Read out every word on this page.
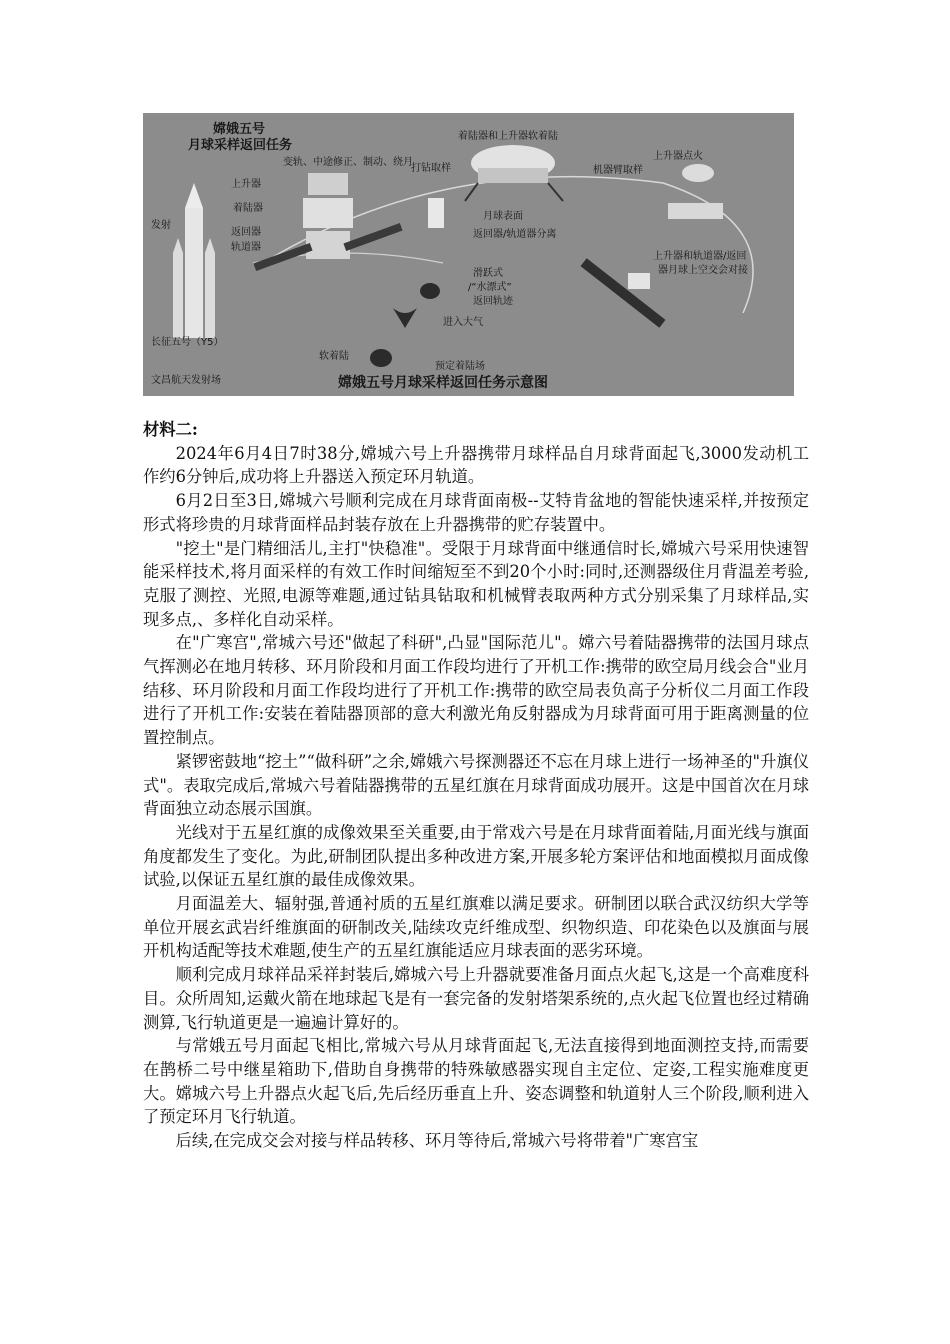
嫦娥五号
月球采样返回任务
发射
长征五号（Y5）
文昌航天发射场
上升器
着陆器
返回器
轨道器
变轨、中途修正、制动、绕月
打钻取样
着陆器和上升器软着陆
机器臂取样
上升器点火
月球表面
返回器/轨道器分离
滑跃式
/“水漂式”
返回轨迹
进入大气
上升器和轨道器/返回
器月球上空交会对接
软着陆
预定着陆场
嫦娥五号月球采样返回任务示意图
材料二:

2024年6月4日7时38分,嫦城六号上升器携带月球样品自月球背面起飞,3000发动机工作约6分钟后,成功将上升器送入预定环月轨道。

6月2日至3日,嫦城六号顺利完成在月球背面南极--艾特肯盆地的智能快速采样,并按预定形式将珍贵的月球背面样品封装存放在上升器携带的贮存装置中。

"挖土"是门精细活儿,主打"快稳准"。受限于月球背面中继通信时长,嫦城六号采用快速智能采样技术,将月面采样的有效工作时间缩短至不到20个小时:同时,还测器级住月背温差考验,克服了测控、光照,电源等难题,通过钻具钻取和机械臂表取两种方式分别采集了月球样品,实现多点,、多样化自动采样。

在"广寒宫",常城六号还"做起了科研",凸显"国际范儿"。嫦六号着陆器携带的法国月球点气挥测必在地月转移、环月阶段和月面工作段均进行了开机工作:携带的欧空局月线会合"业月结移、环月阶段和月面工作段均进行了开机工作:携带的欧空局表负高子分析仪二月面工作段进行了开机工作:安装在着陆器顶部的意大利激光角反射器成为月球背面可用于距离测量的位置控制点。

紧锣密鼓地“挖土”“做科研”之余,嫦娥六号探测器还不忘在月球上进行一场神圣的"升旗仪式"。表取完成后,常城六号着陆器携带的五星红旗在月球背面成功展开。这是中国首次在月球背面独立动态展示国旗。

光线对于五星红旗的成像效果至关重要,由于常戏六号是在月球背面着陆,月面光线与旗面角度都发生了变化。为此,研制团队提出多种改进方案,开展多轮方案评估和地面模拟月面成像试验,以保证五星红旗的最佳成像效果。

月面温差大、辐射强,普通衬质的五星红旗难以满足要求。研制团以联合武汉纺织大学等单位开展玄武岩纤维旗面的研制改关,陆续攻克纤维成型、织物织造、印花染色以及旗面与展开机构适配等技术难题,使生产的五星红旗能适应月球表面的恶劣环境。

顺利完成月球祥品采祥封装后,嫦城六号上升器就要准备月面点火起飞,这是一个高难度科目。众所周知,运戴火箭在地球起飞是有一套完备的发射塔架系统的,点火起飞位置也经过精确测算,飞行轨道更是一遍遍计算好的。

与常娥五号月面起飞相比,常城六号从月球背面起飞,无法直接得到地面测控支持,而需要在鹊桥二号中继星箱助下,借助自身携带的特殊敏感器实现自主定位、定姿,工程实施难度更大。嫦城六号上升器点火起飞后,先后经历垂直上升、姿态调整和轨道射人三个阶段,顺利进入了预定环月飞行轨道。

后续,在完成交会对接与样品转移、环月等待后,常城六号将带着"广寒宫宝
